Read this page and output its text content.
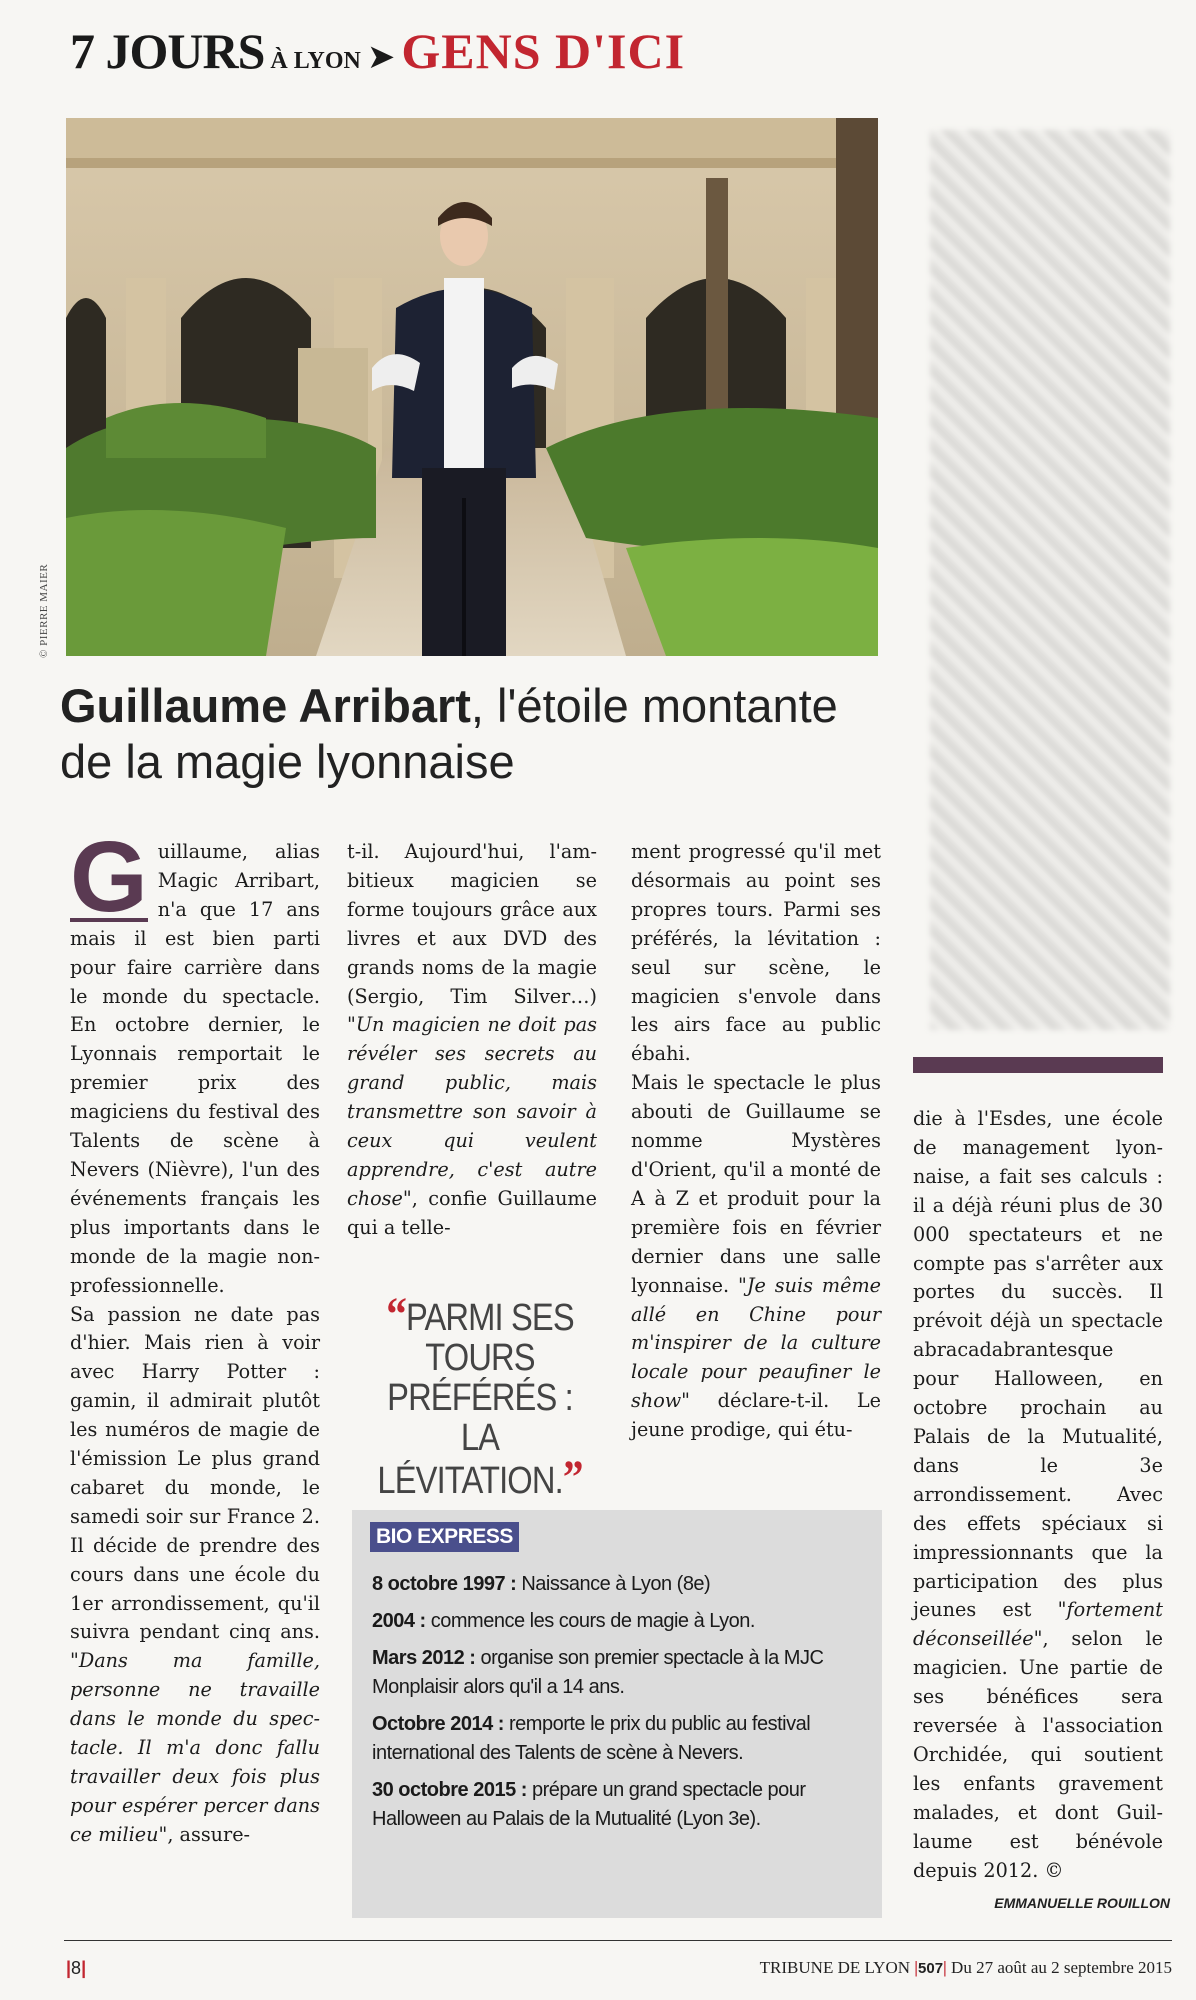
7 JOURS À LYON ➤ GENS D'ICI
© PIERRE MAIER
Guillaume Arribart, l'étoile montante de la magie lyonnaise

G uillaume, alias Magic Arribart, n'a que 17 ans mais il est bien parti pour faire carrière dans le monde du spectacle. En octobre dernier, le Lyonnais remportait le premier prix des magiciens du festival des Talents de scène à Nevers (Nièvre), l'un des événements français les plus importants dans le monde de la magie non-professionnelle.

Sa passion ne date pas d'hier. Mais rien à voir avec Harry Potter : gamin, il admirait plutôt les numéros de magie de l'émission Le plus grand cabaret du monde, le samedi soir sur France 2. Il décide de prendre des cours dans une école du 1er arrondissement, qu'il suivra pendant cinq ans. "Dans ma famille, personne ne travaille dans le monde du spectacle. Il m'a donc fallu travailler deux fois plus pour espérer percer dans ce milieu", assure-

t-il. Aujourd'hui, l'ambitieux magicien se forme toujours grâce aux livres et aux DVD des grands noms de la magie (Sergio, Tim Silver…) "Un magicien ne doit pas révéler ses secrets au grand public, mais transmettre son savoir à ceux qui veulent apprendre, c'est autre chose", confie Guillaume qui a telle-

“PARMI SES TOURS PRÉFÉRÉS : LA LÉVITATION.”

ment progressé qu'il met désormais au point ses propres tours. Parmi ses préférés, la lévitation : seul sur scène, le magicien s'envole dans les airs face au public ébahi.

Mais le spectacle le plus abouti de Guillaume se nomme Mystères d'Orient, qu'il a monté de A à Z et produit pour la première fois en février dernier dans une salle lyonnaise. "Je suis même allé en Chine pour m'inspirer de la culture locale pour peaufiner le show" déclare-t-il. Le jeune prodige, qui étu-

die à l'Esdes, une école de management lyonnaise, a fait ses calculs : il a déjà réuni plus de 30 000 spectateurs et ne compte pas s'arrêter aux portes du succès. Il prévoit déjà un spectacle abracadabrantesque pour Halloween, en octobre prochain au Palais de la Mutualité, dans le 3e arrondissement. Avec des effets spéciaux si impressionnants que la participation des plus jeunes est "fortement déconseillée", selon le magicien. Une partie de ses bénéfices sera reversée à l'association Orchidée, qui soutient les enfants gravement malades, et dont Guillaume est bénévole depuis 2012. ©

BIO EXPRESS
8 octobre 1997 : Naissance à Lyon (8e)
2004 : commence les cours de magie à Lyon.
Mars 2012 : organise son premier spectacle à la MJC Monplaisir alors qu'il a 14 ans.
Octobre 2014 : remporte le prix du public au festival international des Talents de scène à Nevers.
30 octobre 2015 : prépare un grand spectacle pour Halloween au Palais de la Mutualité (Lyon 3e).
EMMANUELLE ROUILLON
|8|	TRIBUNE DE LYON |507| Du 27 août au 2 septembre 2015
